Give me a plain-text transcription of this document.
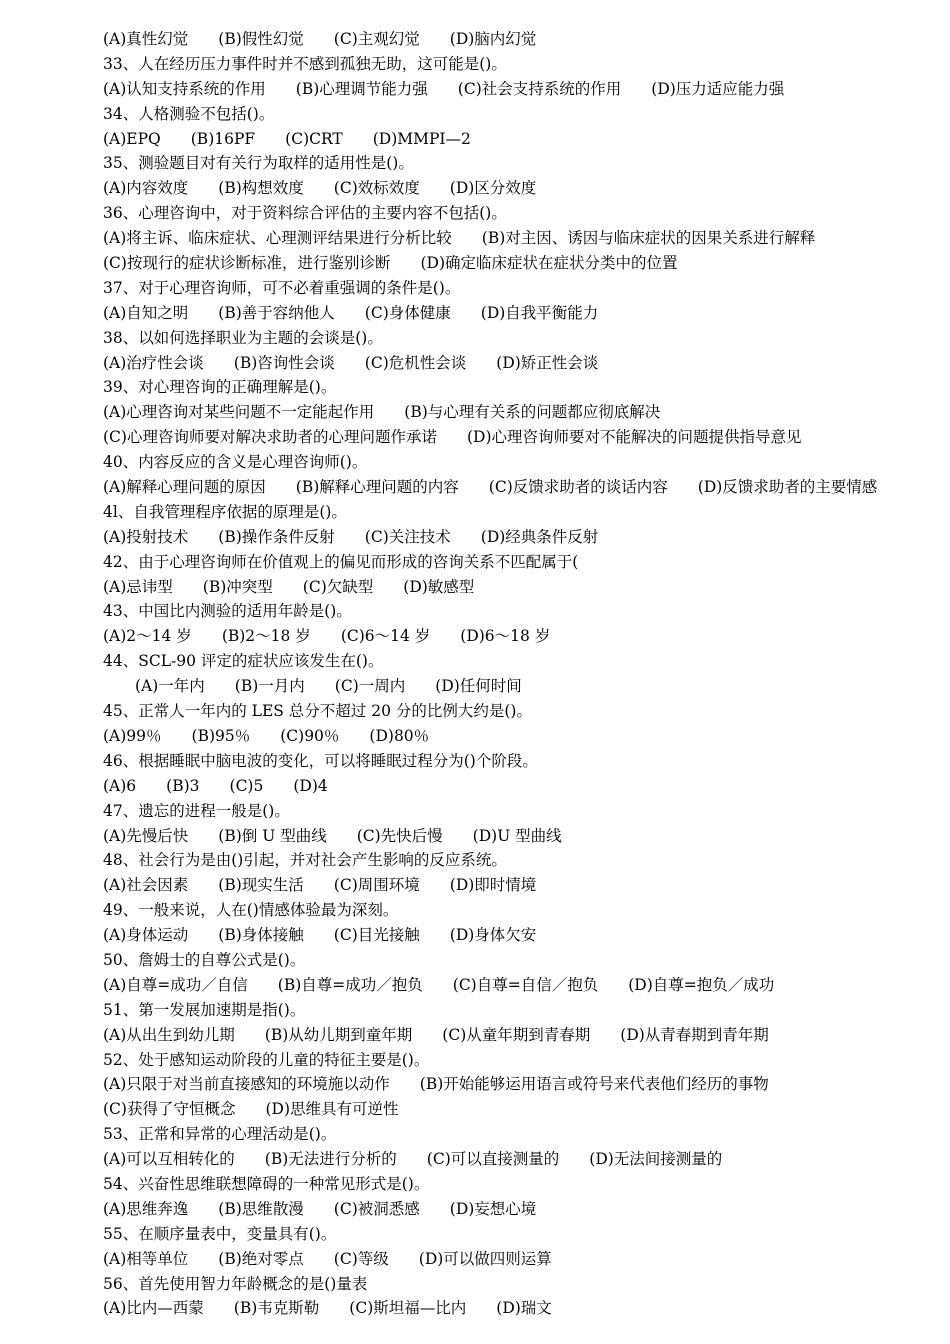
(A)真性幻觉 (B)假性幻觉 (C)主观幻觉 (D)脑内幻觉
33、人在经历压力事件时并不感到孤独无助，这可能是()。
(A)认知支持系统的作用 (B)心理调节能力强 (C)社会支持系统的作用 (D)压力适应能力强
34、人格测验不包括()。
(A)EPQ (B)16PF (C)CRT (D)MMPI—2
35、测验题目对有关行为取样的适用性是()。
(A)内容效度 (B)构想效度 (C)效标效度 (D)区分效度
36、心理咨询中，对于资料综合评估的主要内容不包括()。
(A)将主诉、临床症状、心理测评结果进行分析比较 (B)对主因、诱因与临床症状的因果关系进行解释
(C)按现行的症状诊断标准，进行鉴别诊断 (D)确定临床症状在症状分类中的位置
37、对于心理咨询师，可不必着重强调的条件是()。
(A)自知之明 (B)善于容纳他人 (C)身体健康 (D)自我平衡能力
38、以如何选择职业为主题的会谈是()。
(A)治疗性会谈 (B)咨询性会谈 (C)危机性会谈 (D)矫正性会谈
39、对心理咨询的正确理解是()。
(A)心理咨询对某些问题不一定能起作用 (B)与心理有关系的问题都应彻底解决
(C)心理咨询师要对解决求助者的心理问题作承诺 (D)心理咨询师要对不能解决的问题提供指导意见
40、内容反应的含义是心理咨询师()。
(A)解释心理问题的原因 (B)解释心理问题的内容 (C)反馈求助者的谈话内容 (D)反馈求助者的主要情感
4l、自我管理程序依据的原理是()。
(A)投射技术 (B)操作条件反射 (C)关注技术 (D)经典条件反射
42、由于心理咨询师在价值观上的偏见而形成的咨询关系不匹配属于(
(A)忌讳型 (B)冲突型 (C)欠缺型 (D)敏感型
43、中国比内测验的适用年龄是()。
(A)2～14 岁 (B)2～18 岁 (C)6～14 岁 (D)6～18 岁
44、SCL-90 评定的症状应该发生在()。
(A)一年内 (B)一月内 (C)一周内 (D)任何时间
45、正常人一年内的 LES 总分不超过 20 分的比例大约是()。
(A)99％ (B)95％ (C)90％ (D)80％
46、根据睡眠中脑电波的变化，可以将睡眠过程分为()个阶段。
(A)6 (B)3 (C)5 (D)4
47、遗忘的进程一般是()。
(A)先慢后快 (B)倒 U 型曲线 (C)先快后慢 (D)U 型曲线
48、社会行为是由()引起，并对社会产生影响的反应系统。
(A)社会因素 (B)现实生活 (C)周围环境 (D)即时情境
49、一般来说，人在()情感体验最为深刻。
(A)身体运动 (B)身体接触 (C)目光接触 (D)身体欠安
50、詹姆士的自尊公式是()。
(A)自尊=成功／自信 (B)自尊=成功／抱负 (C)自尊=自信／抱负 (D)自尊=抱负／成功
51、第一发展加速期是指()。
(A)从出生到幼儿期 (B)从幼儿期到童年期 (C)从童年期到青春期 (D)从青春期到青年期
52、处于感知运动阶段的儿童的特征主要是()。
(A)只限于对当前直接感知的环境施以动作 (B)开始能够运用语言或符号来代表他们经历的事物
(C)获得了守恒概念 (D)思维具有可逆性
53、正常和异常的心理活动是()。
(A)可以互相转化的 (B)无法进行分析的 (C)可以直接测量的 (D)无法间接测量的
54、兴奋性思维联想障碍的一种常见形式是()。
(A)思维奔逸 (B)思维散漫 (C)被洞悉感 (D)妄想心境
55、在顺序量表中，变量具有()。
(A)相等单位 (B)绝对零点 (C)等级 (D)可以做四则运算
56、首先使用智力年龄概念的是()量表
(A)比内—西蒙 (B)韦克斯勒 (C)斯坦福—比内 (D)瑞文
